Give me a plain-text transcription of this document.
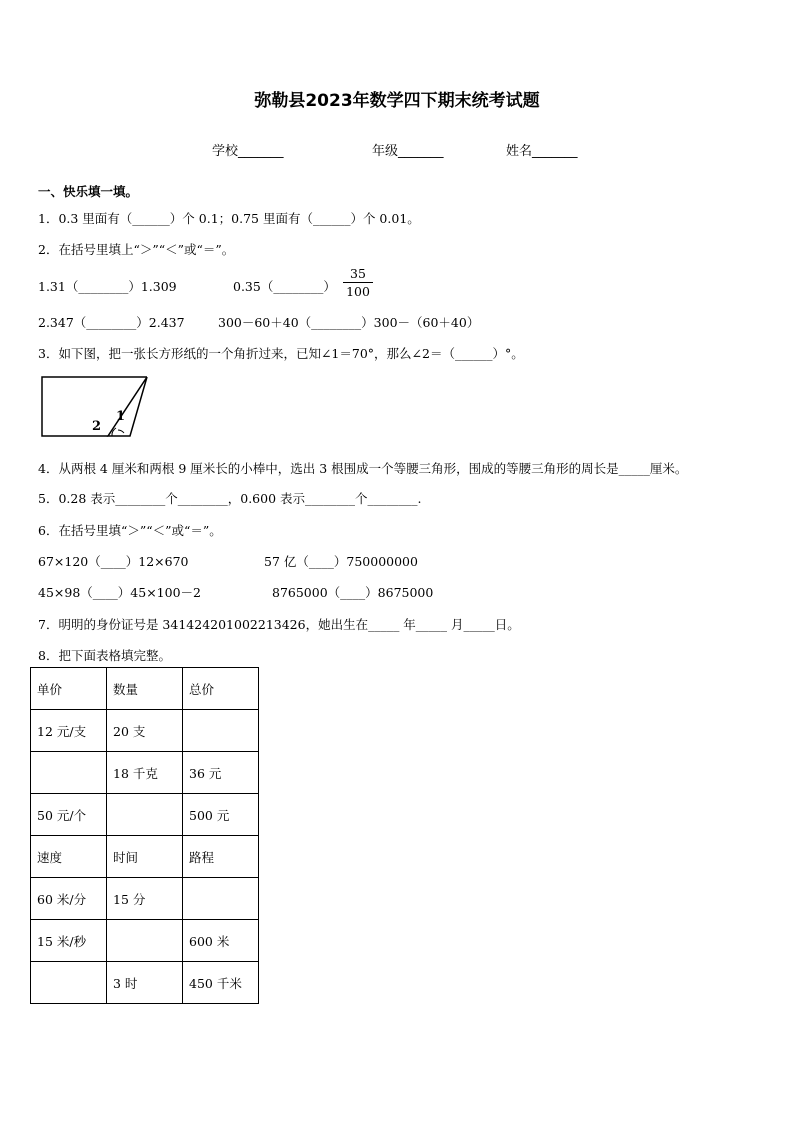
弥勒县2023年数学四下期末统考试题
学校_______	年级_______	姓名_______
一、快乐填一填。
1．0.3 里面有（______）个 0.1；0.75 里面有（______）个 0.01。
2．在括号里填上“＞”“＜”或“＝”。
1.31（________）1.309	0.35（________）
35
100
2.347（________）2.437	300－60＋40（________）300－（60＋40）
3．如下图，把一张长方形纸的一个角折过来，已知∠1＝70°，那么∠2＝（______）°。
1
2
4．从两根 4 厘米和两根 9 厘米长的小棒中，选出 3 根围成一个等腰三角形，围成的等腰三角形的周长是_____厘米。
5．0.28 表示________个________，0.600 表示________个________.
6．在括号里填“＞”“＜”或“＝”。
67×120（____）12×670	57 亿（____）750000000
45×98（____）45×100－2	8765000（____）8675000
7．明明的身份证号是 341424201002213426，她出生在_____ 年_____ 月_____日。
8．把下面表格填完整。
单价	数量	总价
12 元/支	20 支	
	18 千克	36 元
50 元/个		500 元
速度	时间	路程
60 米/分	15 分	
15 米/秒		600 米
	3 时	450 千米
